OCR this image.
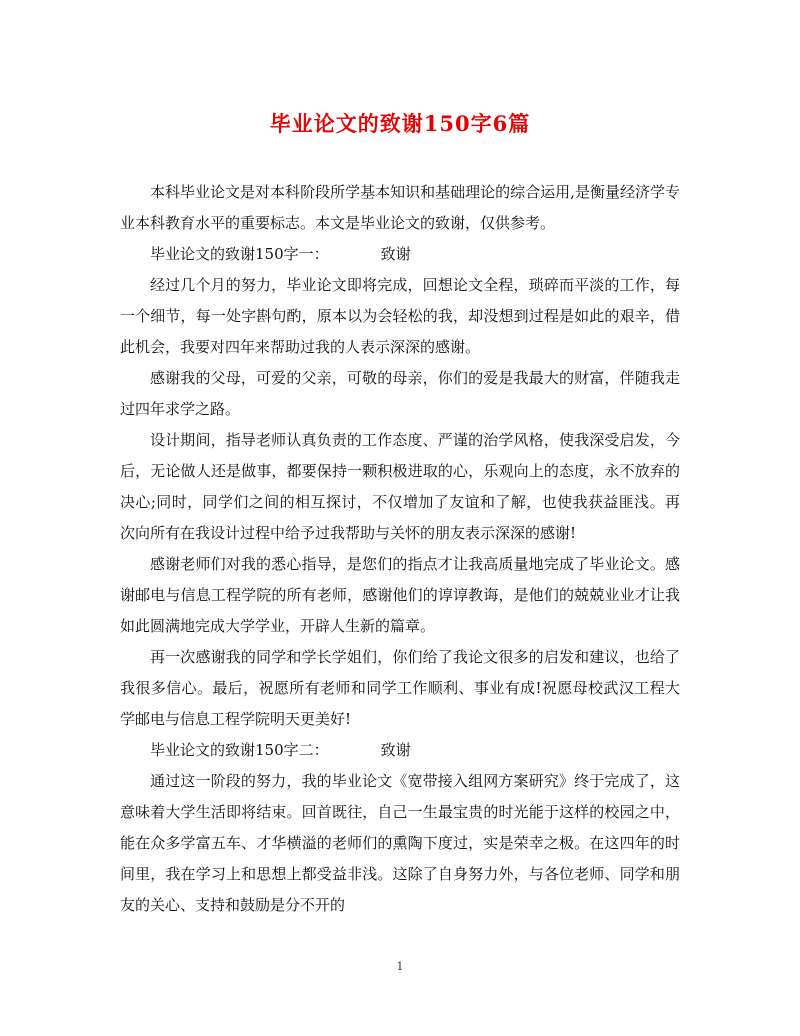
毕业论文的致谢150字6篇

本科毕业论文是对本科阶段所学基本知识和基础理论的综合运用,是衡量经济学专业本科教育水平的重要标志。本文是毕业论文的致谢，仅供参考。

毕业论文的致谢150字一：	致谢

经过几个月的努力，毕业论文即将完成，回想论文全程，琐碎而平淡的工作，每一个细节，每一处字斟句酌，原本以为会轻松的我，却没想到过程是如此的艰辛，借此机会，我要对四年来帮助过我的人表示深深的感谢。

感谢我的父母，可爱的父亲，可敬的母亲，你们的爱是我最大的财富，伴随我走过四年求学之路。

设计期间，指导老师认真负责的工作态度、严谨的治学风格，使我深受启发，今后，无论做人还是做事，都要保持一颗积极进取的心，乐观向上的态度，永不放弃的决心;同时，同学们之间的相互探讨，不仅增加了友谊和了解，也使我获益匪浅。再次向所有在我设计过程中给予过我帮助与关怀的朋友表示深深的感谢!

感谢老师们对我的悉心指导，是您们的指点才让我高质量地完成了毕业论文。感谢邮电与信息工程学院的所有老师，感谢他们的谆谆教诲，是他们的兢兢业业才让我如此圆满地完成大学学业，开辟人生新的篇章。

再一次感谢我的同学和学长学姐们，你们给了我论文很多的启发和建议，也给了我很多信心。最后，祝愿所有老师和同学工作顺利、事业有成!祝愿母校武汉工程大学邮电与信息工程学院明天更美好!

毕业论文的致谢150字二：	致谢

通过这一阶段的努力，我的毕业论文《宽带接入组网方案研究》终于完成了，这意味着大学生活即将结束。回首既往，自己一生最宝贵的时光能于这样的校园之中，能在众多学富五车、才华横溢的老师们的熏陶下度过，实是荣幸之极。在这四年的时间里，我在学习上和思想上都受益非浅。这除了自身努力外，与各位老师、同学和朋友的关心、支持和鼓励是分不开的

1
